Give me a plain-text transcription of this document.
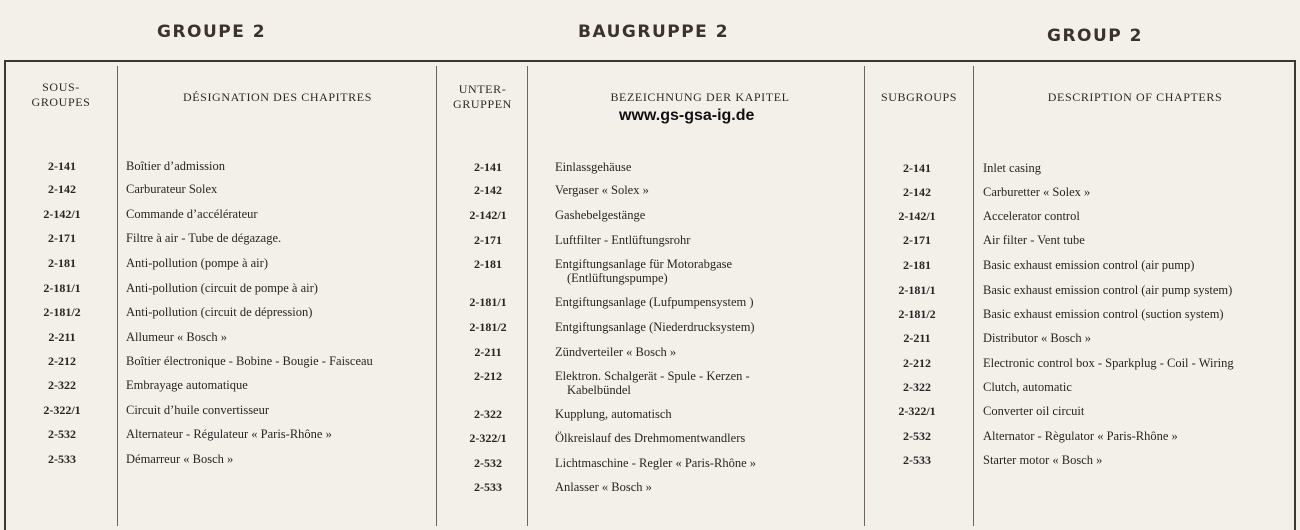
GROUPE 2	BAUGRUPPE 2	GROUP 2
SOUS-
GROUPES	DÉSIGNATION DES CHAPITRES
UNTER-
GRUPPEN	BEZEICHNUNG DER KAPITEL	SUBGROUPS	DESCRIPTION OF CHAPTERS
www.gs-gsa-ig.de
2-141	Boîtier d’admission
2-142	Carburateur Solex
2-142/1	Commande d’accélérateur
2-171	Filtre à air - Tube de dégazage.
2-181	Anti-pollution (pompe à air)
2-181/1	Anti-pollution (circuit de pompe à air)
2-181/2	Anti-pollution (circuit de dépression)
2-211	Allumeur « Bosch »
2-212	Boîtier électronique - Bobine - Bougie - Faisceau
2-322	Embrayage automatique
2-322/1	Circuit d’huile convertisseur
2-532	Alternateur - Régulateur « Paris-Rhône »
2-533	Démarreur « Bosch »
2-141	Einlassgehäuse
2-142	Vergaser « Solex »
2-142/1	Gashebelgestänge
2-171	Luftfilter - Entlüftungsrohr
2-181	Entgiftungsanlage für Motorabgase
(Entlüftungspumpe)
2-181/1	Entgiftungsanlage (Lufpumpensystem )
2-181/2	Entgiftungsanlage (Niederdrucksystem)
2-211	Zündverteiler « Bosch »
2-212	Elektron. Schalgerät - Spule - Kerzen -
Kabelbündel
2-322	Kupplung, automatisch
2-322/1	Ölkreislauf des Drehmomentwandlers
2-532	Lichtmaschine - Regler « Paris-Rhône »
2-533	Anlasser « Bosch »
2-141	Inlet casing
2-142	Carburetter « Solex »
2-142/1	Accelerator control
2-171	Air filter - Vent tube
2-181	Basic exhaust emission control (air pump)
2-181/1	Basic exhaust emission control (air pump system)
2-181/2	Basic exhaust emission control (suction system)
2-211	Distributor « Bosch »
2-212	Electronic control box - Sparkplug - Coil - Wiring
2-322	Clutch, automatic
2-322/1	Converter oil circuit
2-532	Alternator - Règulator « Paris-Rhône »
2-533	Starter motor « Bosch »
